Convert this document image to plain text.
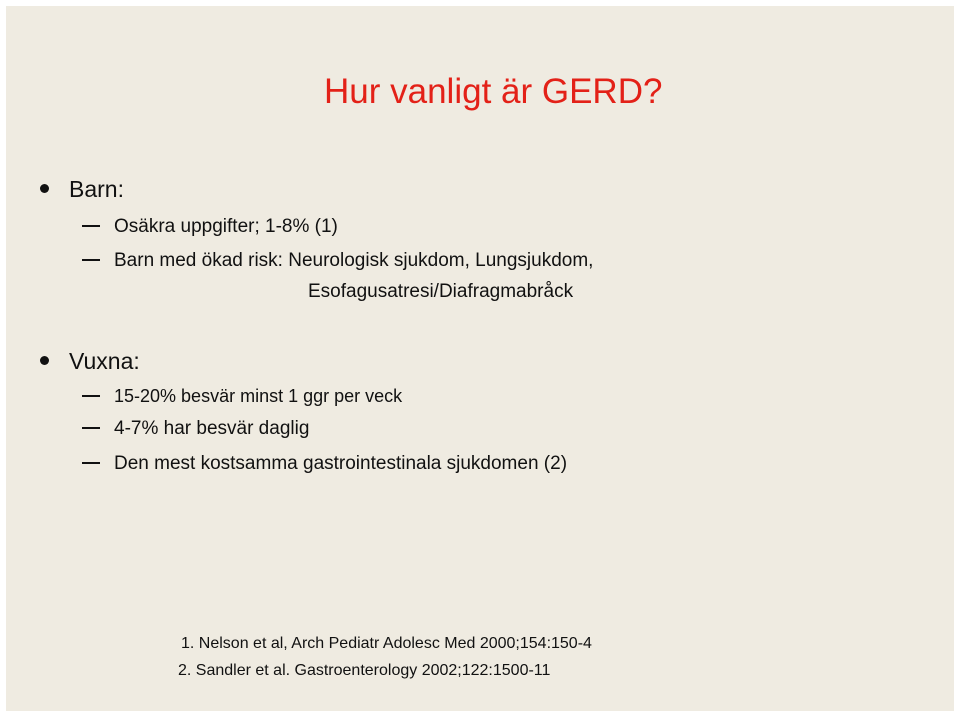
Hur vanligt är GERD?
Barn:
Osäkra uppgifter; 1-8% (1)
Barn med ökad risk: Neurologisk sjukdom, Lungsjukdom,
Esofagusatresi/Diafragmabråck
Vuxna:
15-20% besvär minst 1 ggr per veck
4-7% har besvär daglig
Den mest kostsamma gastrointestinala sjukdomen (2)
1. Nelson et al, Arch Pediatr Adolesc Med 2000;154:150-4
2. Sandler et al. Gastroenterology 2002;122:1500-11
